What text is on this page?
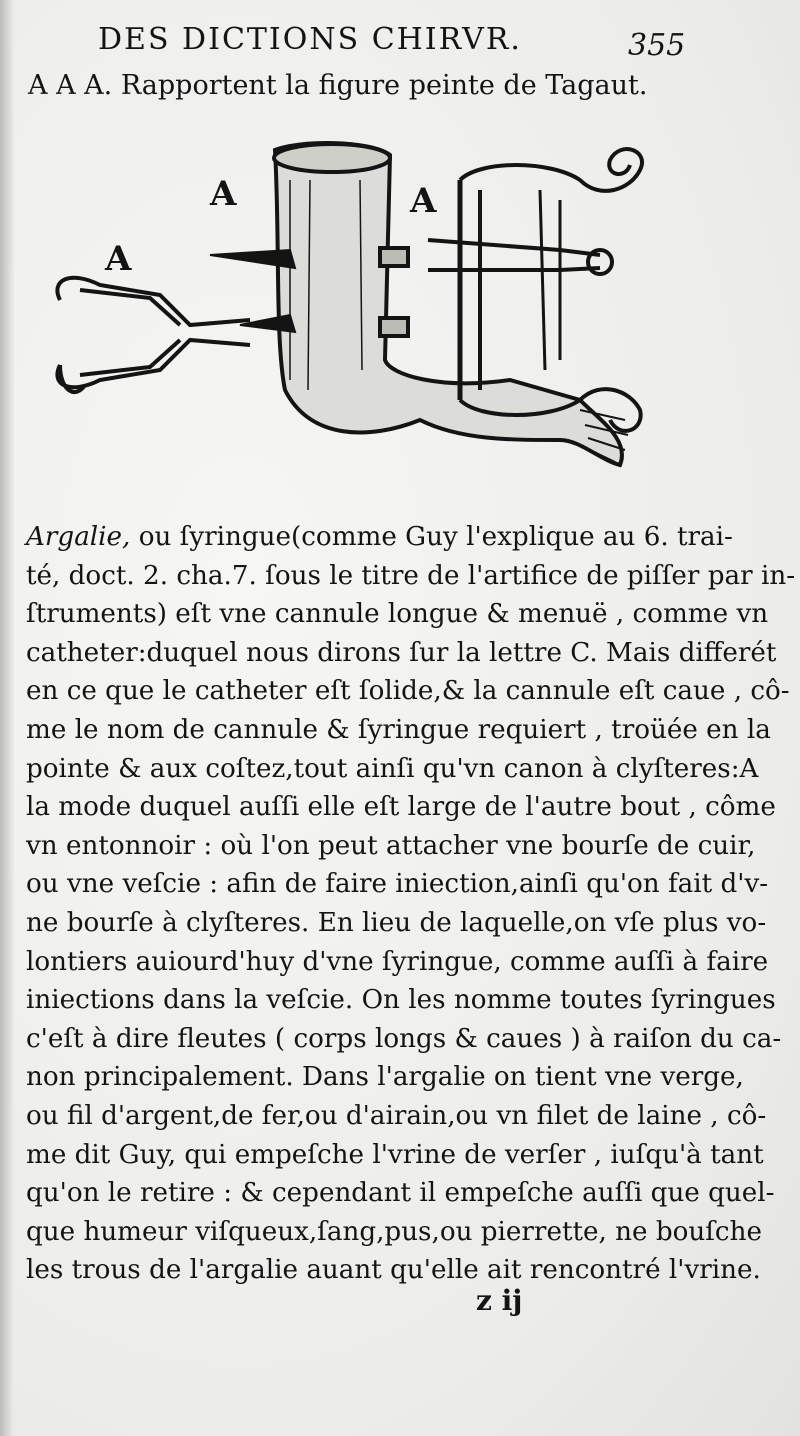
DES DICTIONS CHIRVR.	355
A A A. Rapportent la figure peinte de Tagaut.
A	A
A
Argalie, ou ſyringue(comme Guy l'explique au 6. trai-
té, doct. 2. cha.7. ſous le titre de l'artifice de piſſer par in-
ſtruments) eſt vne cannule longue & menuë , comme vn
catheter:duquel nous dirons ſur la lettre C. Mais differét
en ce que le catheter eſt ſolide,& la cannule eſt caue , cô-
me le nom de cannule & ſyringue requiert , troüée en la
pointe & aux coſtez,tout ainſi qu'vn canon à clyſteres:A
la mode duquel auſſi elle eſt large de l'autre bout , côme
vn entonnoir : où l'on peut attacher vne bourſe de cuir,
ou vne veſcie : afin de faire iniection,ainſi qu'on fait d'v-
ne bourſe à clyſteres. En lieu de laquelle,on vſe plus vo-
lontiers auiourd'huy d'vne ſyringue, comme auſſi à faire
iniections dans la veſcie. On les nomme toutes ſyringues
c'eſt à dire fleutes ( corps longs & caues ) à raiſon du ca-
non principalement. Dans l'argalie on tient vne verge,
ou fil d'argent,de fer,ou d'airain,ou vn filet de laine , cô-
me dit Guy, qui empeſche l'vrine de verſer , iuſqu'à tant
qu'on le retire : & cependant il empeſche auſſi que quel-
que humeur viſqueux,ſang,pus,ou pierrette, ne bouſche
les trous de l'argalie auant qu'elle ait rencontré l'vrine.
z ij
